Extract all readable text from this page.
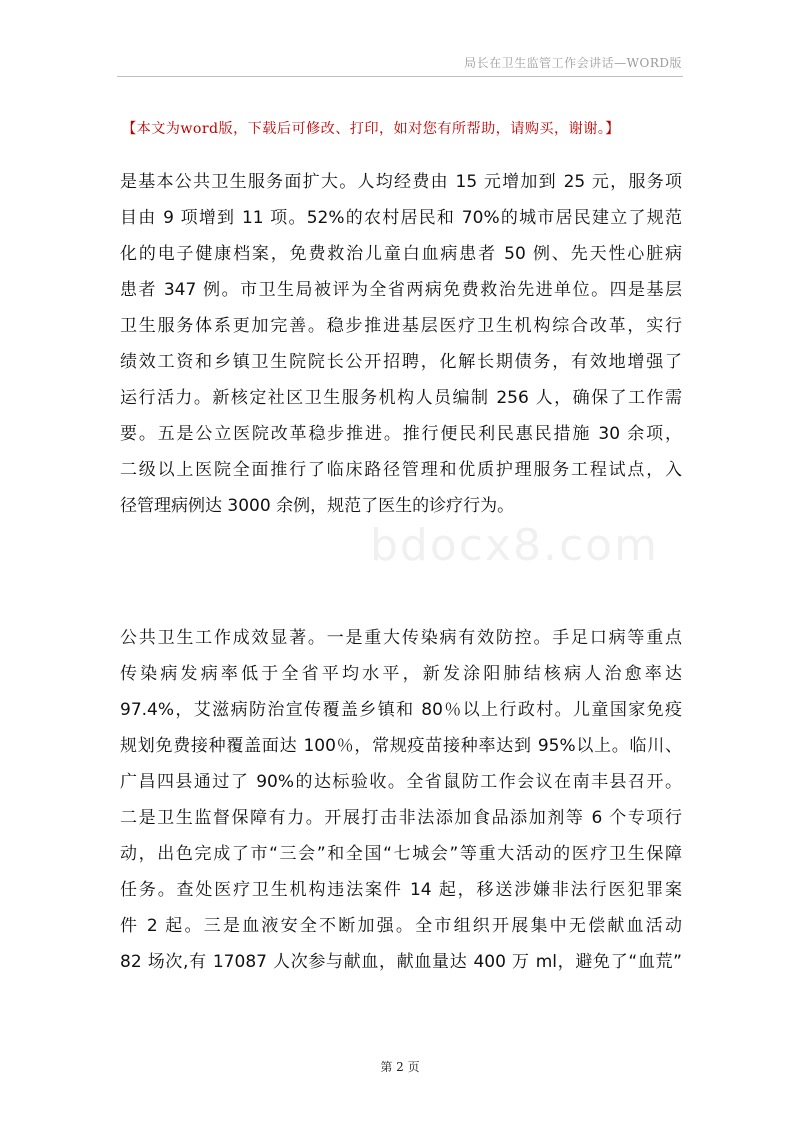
局长在卫生监管工作会讲话—WORD版
【本文为word版，下载后可修改、打印，如对您有所帮助，请购买，谢谢。】
bdocx8.com
是基本公共卫生服务面扩大。人均经费由 15 元增加到 25 元，服务项
目由 9 项增到 11 项。52%的农村居民和 70%的城市居民建立了规范
化的电子健康档案，免费救治儿童白血病患者 50 例、先天性心脏病
患者 347 例。市卫生局被评为全省两病免费救治先进单位。四是基层
卫生服务体系更加完善。稳步推进基层医疗卫生机构综合改革，实行
绩效工资和乡镇卫生院院长公开招聘，化解长期债务，有效地增强了
运行活力。新核定社区卫生服务机构人员编制 256 人，确保了工作需
要。五是公立医院改革稳步推进。推行便民利民惠民措施 30 余项，
二级以上医院全面推行了临床路径管理和优质护理服务工程试点，入
径管理病例达 3000 余例，规范了医生的诊疗行为。
公共卫生工作成效显著。一是重大传染病有效防控。手足口病等重点
传染病发病率低于全省平均水平，新发涂阳肺结核病人治愈率达
97.4%，艾滋病防治宣传覆盖乡镇和 80％以上行政村。儿童国家免疫
规划免费接种覆盖面达 100％，常规疫苗接种率达到 95%以上。临川、
广昌四县通过了 90%的达标验收。全省鼠防工作会议在南丰县召开。
二是卫生监督保障有力。开展打击非法添加食品添加剂等 6 个专项行
动，出色完成了市“三会”和全国“七城会”等重大活动的医疗卫生保障
任务。查处医疗卫生机构违法案件 14 起，移送涉嫌非法行医犯罪案
件 2 起。三是血液安全不断加强。全市组织开展集中无偿献血活动
82 场次,有 17087 人次参与献血，献血量达 400 万 ml，避免了“血荒”
第 2 页
